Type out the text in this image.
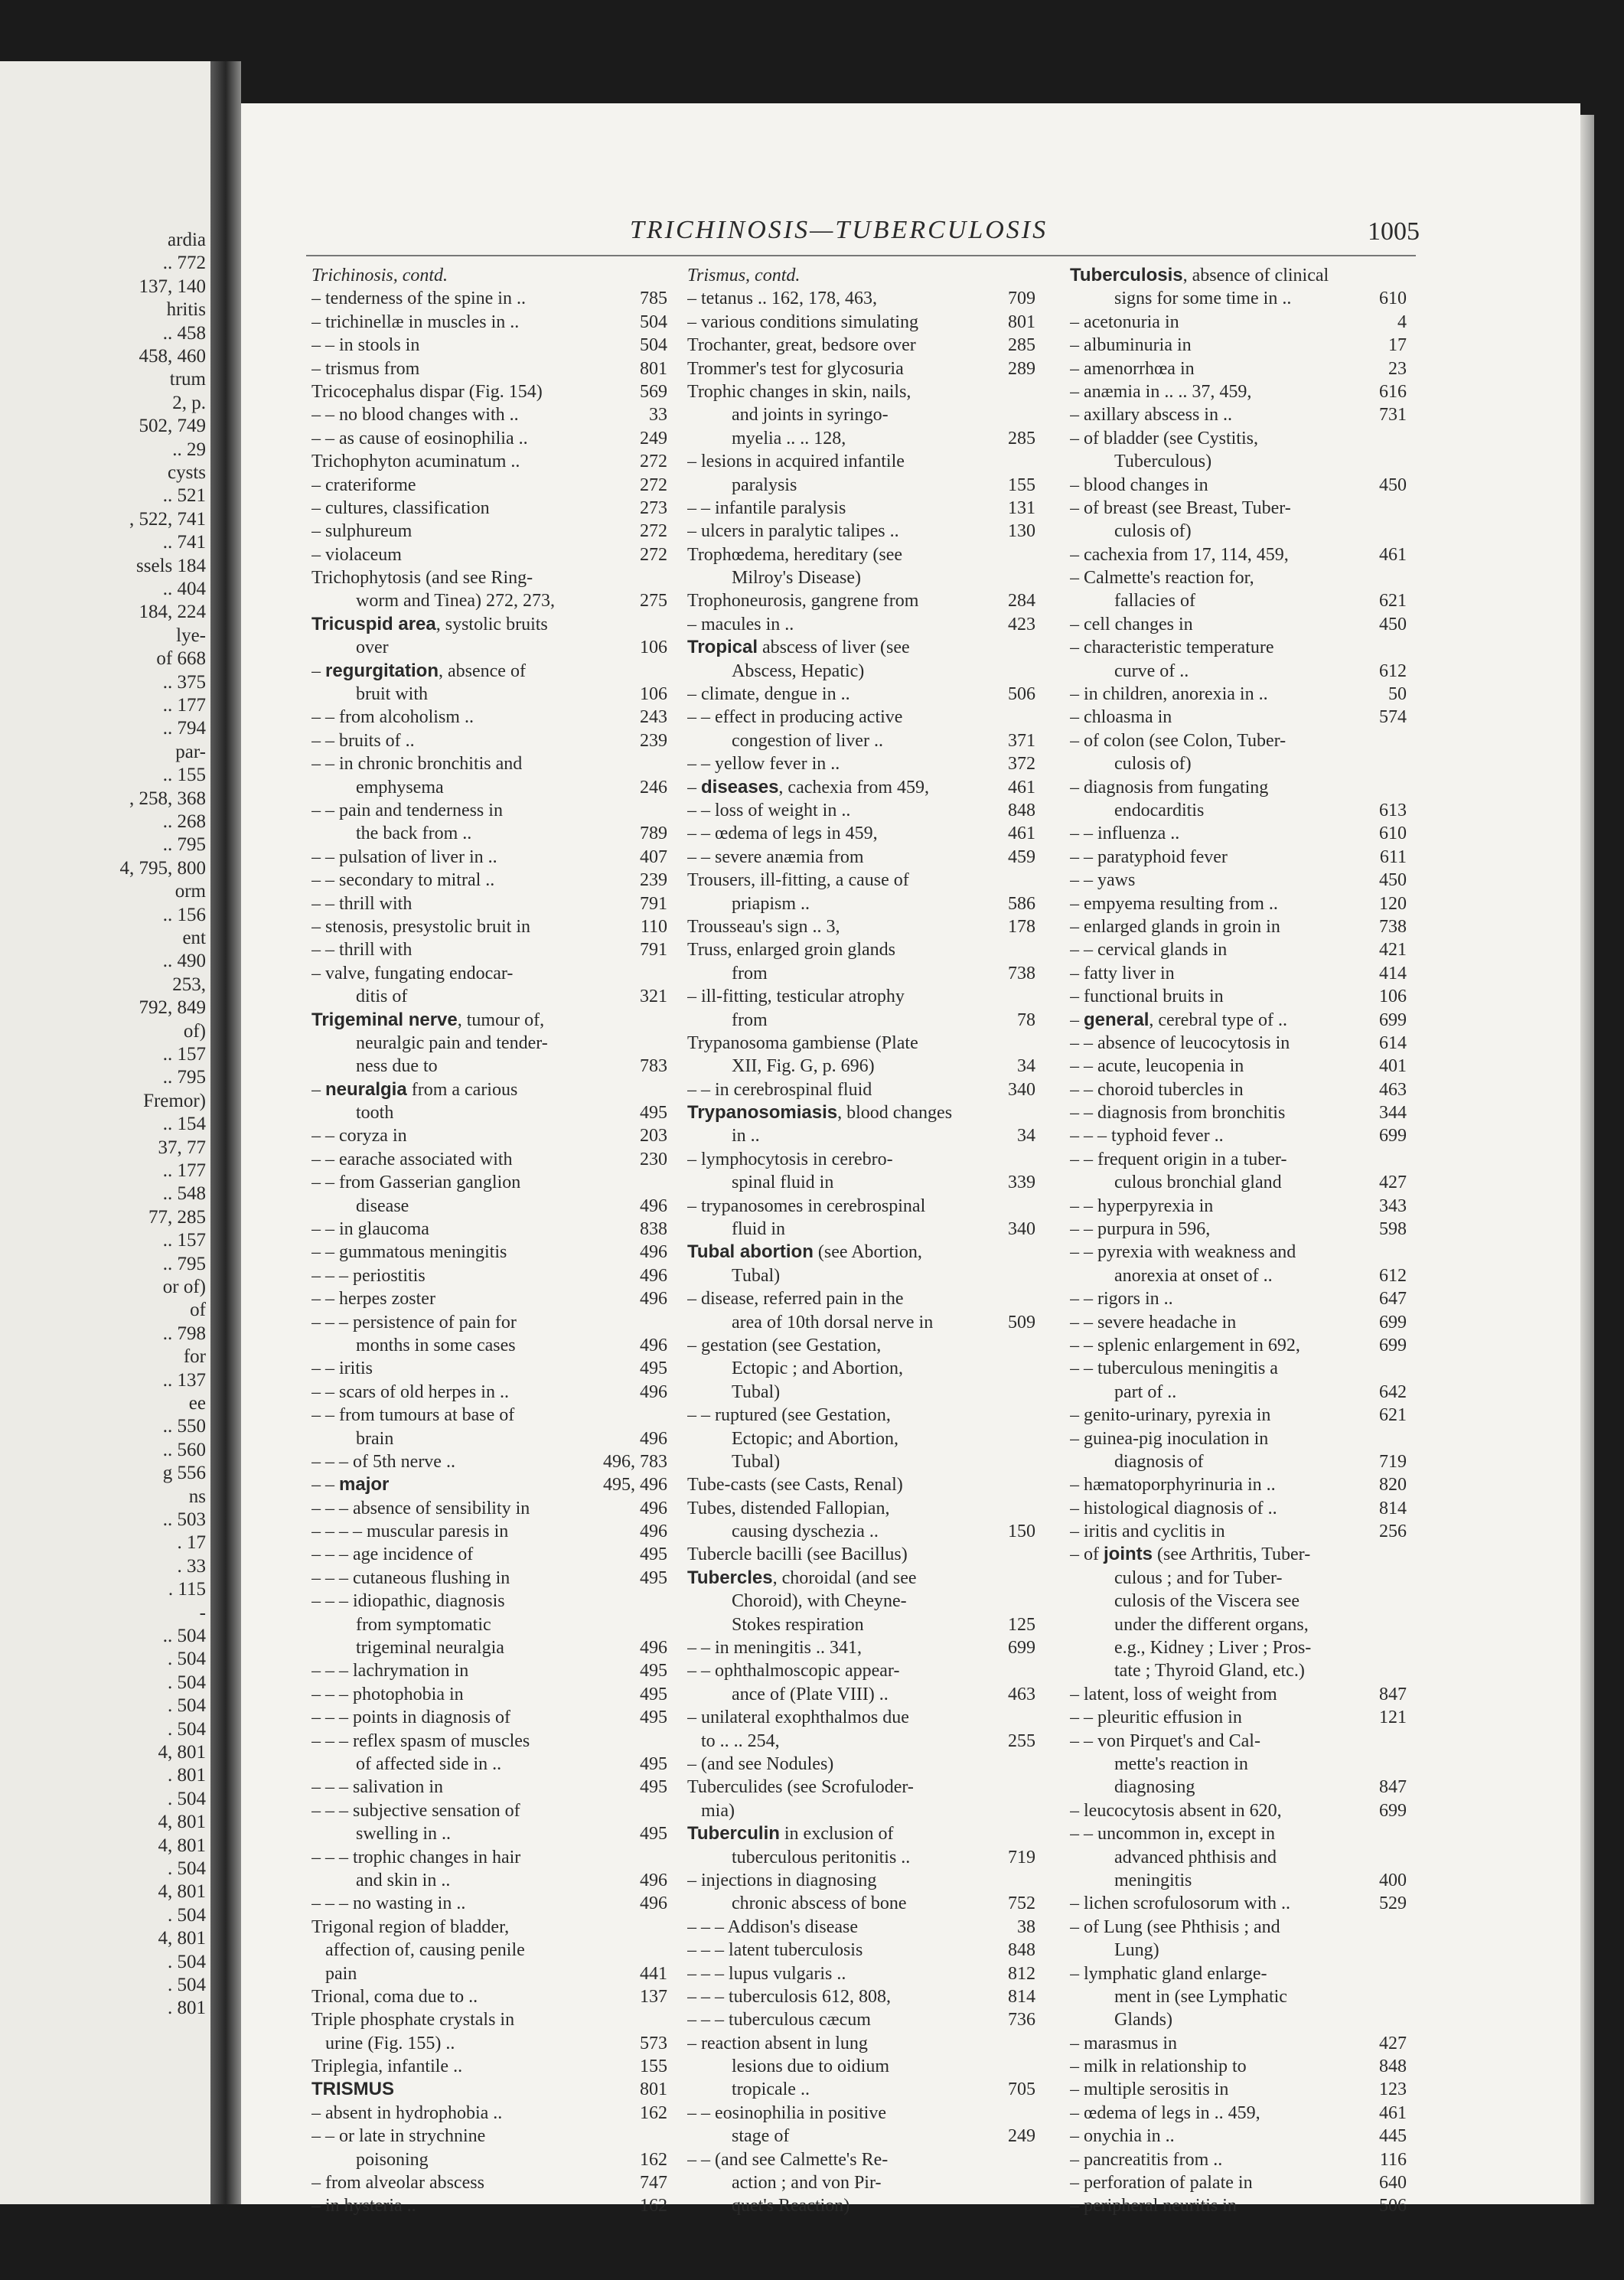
ardia
.. 772
137, 140
hritis
.. 458
458, 460
trum
2, p.
502, 749
.. 29
cysts
.. 521
, 522, 741
.. 741
ssels 184
.. 404
184, 224
lye-
of 668
.. 375
.. 177
.. 794
par-
.. 155
, 258, 368
.. 268
.. 795
4, 795, 800
orm
.. 156
ent
.. 490
253,
792, 849
of)
.. 157
.. 795
Fremor)
.. 154
37, 77
.. 177
.. 548
77, 285
.. 157
.. 795
or of)
of
.. 798
for
.. 137
ee
.. 550
.. 560
g 556
ns
.. 503
. 17
. 33
. 115
-
.. 504
. 504
. 504
. 504
. 504
4, 801
. 801
. 504
4, 801
4, 801
. 504
4, 801
. 504
4, 801
. 504
. 504
. 801
TRICHINOSIS—TUBERCULOSIS	1005
Trichinosis, contd.
– tenderness of the spine in ..	785
– trichinellæ in muscles in ..	504
– – in stools in	504
– trismus from	801
Tricocephalus dispar (Fig. 154)	569
– – no blood changes with ..	33
– – as cause of eosinophilia ..	249
Trichophyton acuminatum ..	272
– crateriforme	272
– cultures, classification	273
– sulphureum	272
– violaceum	272
Trichophytosis (and see Ring-
worm and Tinea) 272, 273,	275
Tricuspid area, systolic bruits
over	106
– regurgitation, absence of
bruit with	106
– – from alcoholism ..	243
– – bruits of ..	239
– – in chronic bronchitis and
emphysema	246
– – pain and tenderness in
the back from ..	789
– – pulsation of liver in ..	407
– – secondary to mitral ..	239
– – thrill with	791
– stenosis, presystolic bruit in	110
– – thrill with	791
– valve, fungating endocar-
ditis of	321
Trigeminal nerve, tumour of,
neuralgic pain and tender-
ness due to	783
– neuralgia from a carious
tooth	495
– – coryza in	203
– – earache associated with	230
– – from Gasserian ganglion
disease	496
– – in glaucoma	838
– – gummatous meningitis	496
– – – periostitis	496
– – herpes zoster	496
– – – persistence of pain for
months in some cases	496
– – iritis	495
– – scars of old herpes in ..	496
– – from tumours at base of
brain	496
– – – of 5th nerve ..	496, 783
– – major	495, 496
– – – absence of sensibility in	496
– – – – muscular paresis in	496
– – – age incidence of	495
– – – cutaneous flushing in	495
– – – idiopathic, diagnosis
from symptomatic
trigeminal neuralgia	496
– – – lachrymation in	495
– – – photophobia in	495
– – – points in diagnosis of	495
– – – reflex spasm of muscles
of affected side in ..	495
– – – salivation in	495
– – – subjective sensation of
swelling in ..	495
– – – trophic changes in hair
and skin in ..	496
– – – no wasting in ..	496
Trigonal region of bladder,
affection of, causing penile
pain	441
Trional, coma due to ..	137
Triple phosphate crystals in
urine (Fig. 155) ..	573
Triplegia, infantile ..	155
TRISMUS	801
– absent in hydrophobia ..	162
– – or late in strychnine
poisoning	162
– from alveolar abscess	747
– in hysteria ..	162
Trismus, contd.
– tetanus .. 162, 178, 463,	709
– various conditions simulating	801
Trochanter, great, bedsore over	285
Trommer's test for glycosuria	289
Trophic changes in skin, nails,
and joints in syringo-
myelia .. .. 128,	285
– lesions in acquired infantile
paralysis	155
– – infantile paralysis	131
– ulcers in paralytic talipes ..	130
Trophœdema, hereditary (see
Milroy's Disease)
Trophoneurosis, gangrene from	284
– macules in ..	423
Tropical abscess of liver (see
Abscess, Hepatic)
– climate, dengue in ..	506
– – effect in producing active
congestion of liver ..	371
– – yellow fever in ..	372
– diseases, cachexia from 459,	461
– – loss of weight in ..	848
– – œdema of legs in 459,	461
– – severe anæmia from	459
Trousers, ill-fitting, a cause of
priapism ..	586
Trousseau's sign .. 3,	178
Truss, enlarged groin glands
from	738
– ill-fitting, testicular atrophy
from	78
Trypanosoma gambiense (Plate
XII, Fig. G, p. 696)	34
– – in cerebrospinal fluid	340
Trypanosomiasis, blood changes
in ..	34
– lymphocytosis in cerebro-
spinal fluid in	339
– trypanosomes in cerebrospinal
fluid in	340
Tubal abortion (see Abortion,
Tubal)
– disease, referred pain in the
area of 10th dorsal nerve in	509
– gestation (see Gestation,
Ectopic ; and Abortion,
Tubal)
– – ruptured (see Gestation,
Ectopic; and Abortion,
Tubal)
Tube-casts (see Casts, Renal)
Tubes, distended Fallopian,
causing dyschezia ..	150
Tubercle bacilli (see Bacillus)
Tubercles, choroidal (and see
Choroid), with Cheyne-
Stokes respiration	125
– – in meningitis .. 341,	699
– – ophthalmoscopic appear-
ance of (Plate VIII) ..	463
– unilateral exophthalmos due
to .. .. 254,	255
– (and see Nodules)
Tuberculides (see Scrofuloder-
mia)
Tuberculin in exclusion of
tuberculous peritonitis ..	719
– injections in diagnosing
chronic abscess of bone	752
– – – Addison's disease	38
– – – latent tuberculosis	848
– – – lupus vulgaris ..	812
– – – tuberculosis 612, 808,	814
– – – tuberculous cæcum	736
– reaction absent in lung
lesions due to oidium
tropicale ..	705
– – eosinophilia in positive
stage of	249
– – (and see Calmette's Re-
action ; and von Pir-
quet's Reaction)
Tuberculosis, absence of clinical
signs for some time in ..	610
– acetonuria in	4
– albuminuria in	17
– amenorrhœa in	23
– anæmia in .. .. 37, 459,	616
– axillary abscess in ..	731
– of bladder (see Cystitis,
Tuberculous)
– blood changes in	450
– of breast (see Breast, Tuber-
culosis of)
– cachexia from 17, 114, 459,	461
– Calmette's reaction for,
fallacies of	621
– cell changes in	450
– characteristic temperature
curve of ..	612
– in children, anorexia in ..	50
– chloasma in	574
– of colon (see Colon, Tuber-
culosis of)
– diagnosis from fungating
endocarditis	613
– – influenza ..	610
– – paratyphoid fever	611
– – yaws	450
– empyema resulting from ..	120
– enlarged glands in groin in	738
– – cervical glands in	421
– fatty liver in	414
– functional bruits in	106
– general, cerebral type of ..	699
– – absence of leucocytosis in	614
– – acute, leucopenia in	401
– – choroid tubercles in	463
– – diagnosis from bronchitis	344
– – – typhoid fever ..	699
– – frequent origin in a tuber-
culous bronchial gland	427
– – hyperpyrexia in	343
– – purpura in 596,	598
– – pyrexia with weakness and
anorexia at onset of ..	612
– – rigors in ..	647
– – severe headache in	699
– – splenic enlargement in 692,	699
– – tuberculous meningitis a
part of ..	642
– genito-urinary, pyrexia in	621
– guinea-pig inoculation in
diagnosis of	719
– hæmatoporphyrinuria in ..	820
– histological diagnosis of ..	814
– iritis and cyclitis in	256
– of joints (see Arthritis, Tuber-
culous ; and for Tuber-
culosis of the Viscera see
under the different organs,
e.g., Kidney ; Liver ; Pros-
tate ; Thyroid Gland, etc.)
– latent, loss of weight from	847
– – pleuritic effusion in	121
– – von Pirquet's and Cal-
mette's reaction in
diagnosing	847
– leucocytosis absent in 620,	699
– – uncommon in, except in
advanced phthisis and
meningitis	400
– lichen scrofulosorum with ..	529
– of Lung (see Phthisis ; and
Lung)
– lymphatic gland enlarge-
ment in (see Lymphatic
Glands)
– marasmus in	427
– milk in relationship to	848
– multiple serositis in	123
– œdema of legs in .. 459,	461
– onychia in ..	445
– pancreatitis from ..	116
– perforation of palate in	640
– peripheral neuritis in	506
